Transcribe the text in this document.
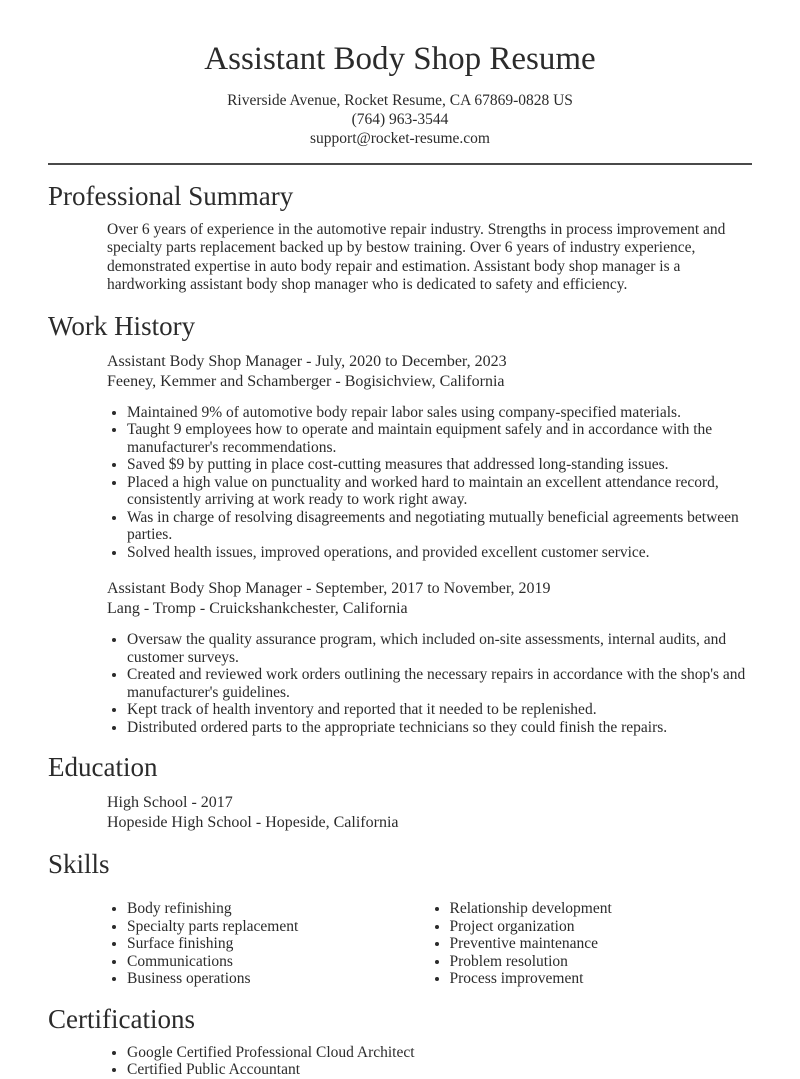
Assistant Body Shop Resume

Riverside Avenue, Rocket Resume, CA 67869-0828 US

(764) 963-3544

support@rocket-resume.com

Professional Summary

Over 6 years of experience in the automotive repair industry. Strengths in process improvement and specialty parts replacement backed up by bestow training. Over 6 years of industry experience, demonstrated expertise in auto body repair and estimation. Assistant body shop manager is a hardworking assistant body shop manager who is dedicated to safety and efficiency.

Work History

Assistant Body Shop Manager - July, 2020 to December, 2023

Feeney, Kemmer and Schamberger - Bogisichview, California

• Maintained 9% of automotive body repair labor sales using company-specified materials.
• Taught 9 employees how to operate and maintain equipment safely and in accordance with the manufacturer's recommendations.
• Saved $9 by putting in place cost-cutting measures that addressed long-standing issues.
• Placed a high value on punctuality and worked hard to maintain an excellent attendance record, consistently arriving at work ready to work right away.
• Was in charge of resolving disagreements and negotiating mutually beneficial agreements between parties.
• Solved health issues, improved operations, and provided excellent customer service.

Assistant Body Shop Manager - September, 2017 to November, 2019

Lang - Tromp - Cruickshankchester, California

• Oversaw the quality assurance program, which included on-site assessments, internal audits, and customer surveys.
• Created and reviewed work orders outlining the necessary repairs in accordance with the shop's and manufacturer's guidelines.
• Kept track of health inventory and reported that it needed to be replenished.
• Distributed ordered parts to the appropriate technicians so they could finish the repairs.
Education

High School - 2017

Hopeside High School - Hopeside, California

Skills
• Body refinishing
• Specialty parts replacement
• Surface finishing
• Communications
• Business operations
• Relationship development
• Project organization
• Preventive maintenance
• Problem resolution
• Process improvement
Certifications
• Google Certified Professional Cloud Architect
• Certified Public Accountant
